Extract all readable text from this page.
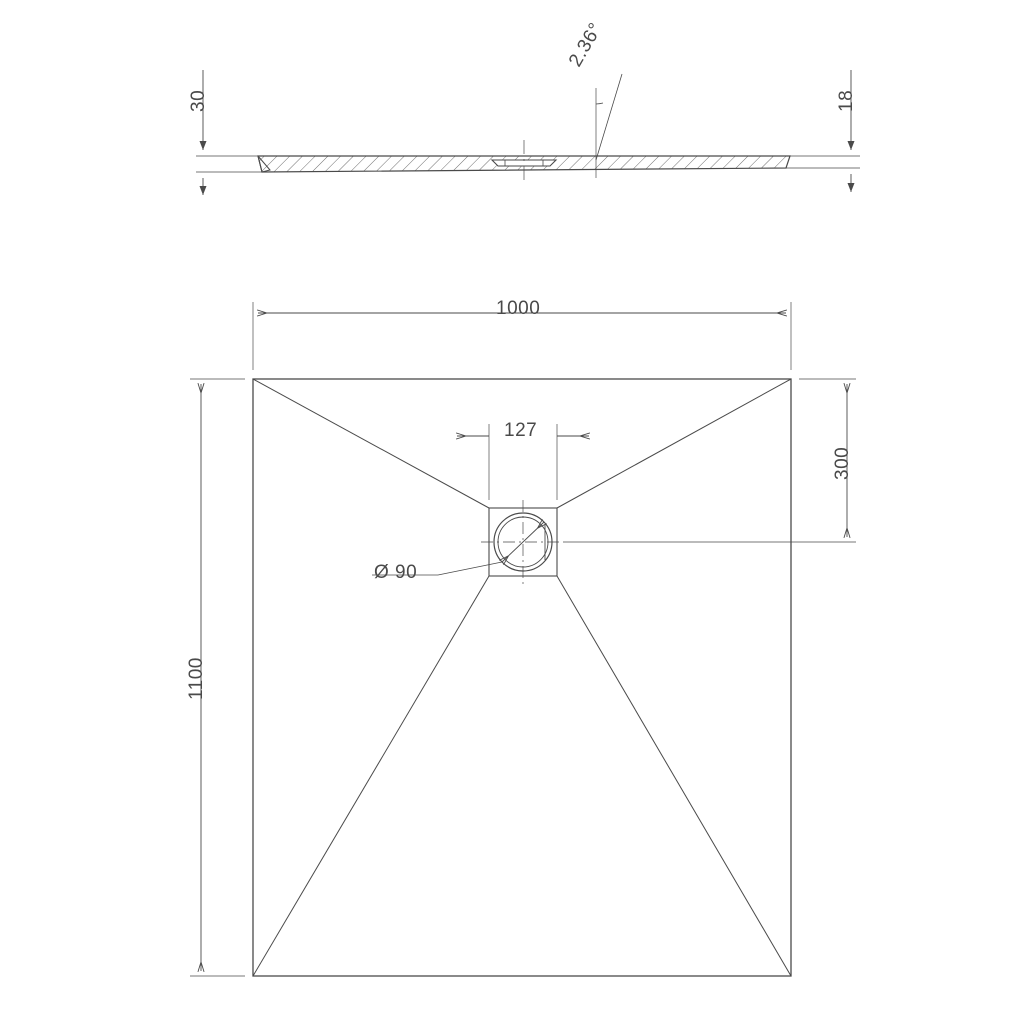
30	18
2.36°
1000
1100
300
127
Ø 90
